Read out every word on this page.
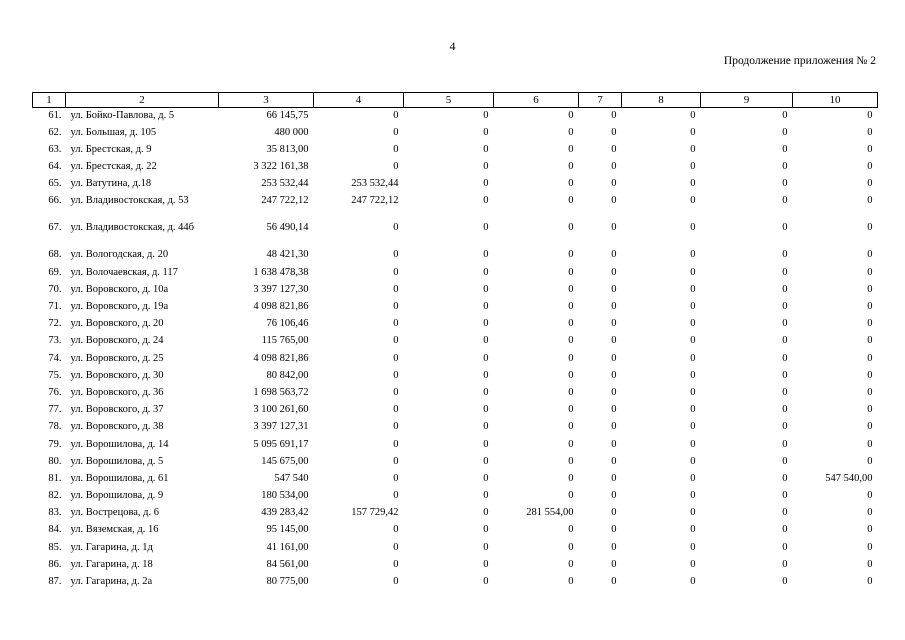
4
Продолжение приложения № 2
1	2	3	4	5	6	7	8	9	10
61.	ул. Бойко-Павлова, д. 5	66 145,75	0	0	0	0	0	0	0
62.	ул. Большая, д. 105	480 000	0	0	0	0	0	0	0
63.	ул. Брестская, д. 9	35 813,00	0	0	0	0	0	0	0
64.	ул. Брестская, д. 22	3 322 161,38	0	0	0	0	0	0	0
65.	ул. Ватутина, д.18	253 532,44	253 532,44	0	0	0	0	0	0
66.	ул. Владивостокская, д. 53	247 722,12	247 722,12	0	0	0	0	0	0
67.	ул. Владивостокская, д. 44б	56 490,14	0	0	0	0	0	0	0
68.	ул. Вологодская, д. 20	48 421,30	0	0	0	0	0	0	0
69.	ул. Волочаевская, д. 117	1 638 478,38	0	0	0	0	0	0	0
70.	ул. Воровского, д. 10а	3 397 127,30	0	0	0	0	0	0	0
71.	ул. Воровского, д. 19а	4 098 821,86	0	0	0	0	0	0	0
72.	ул. Воровского, д. 20	76 106,46	0	0	0	0	0	0	0
73.	ул. Воровского, д. 24	115 765,00	0	0	0	0	0	0	0
74.	ул. Воровского, д. 25	4 098 821,86	0	0	0	0	0	0	0
75.	ул. Воровского, д. 30	80 842,00	0	0	0	0	0	0	0
76.	ул. Воровского, д. 36	1 698 563,72	0	0	0	0	0	0	0
77.	ул. Воровского, д. 37	3 100 261,60	0	0	0	0	0	0	0
78.	ул. Воровского, д. 38	3 397 127,31	0	0	0	0	0	0	0
79.	ул. Ворошилова, д. 14	5 095 691,17	0	0	0	0	0	0	0
80.	ул. Ворошилова, д. 5	145 675,00	0	0	0	0	0	0	0
81.	ул. Ворошилова, д. 61	547 540	0	0	0	0	0	0	547 540,00
82.	ул. Ворошилова, д. 9	180 534,00	0	0	0	0	0	0	0
83.	ул. Вострецова, д. 6	439 283,42	157 729,42	0	281 554,00	0	0	0	0
84.	ул. Вяземская, д. 16	95 145,00	0	0	0	0	0	0	0
85.	ул. Гагарина, д. 1д	41 161,00	0	0	0	0	0	0	0
86.	ул. Гагарина, д. 18	84 561,00	0	0	0	0	0	0	0
87.	ул. Гагарина, д. 2а	80 775,00	0	0	0	0	0	0	0
